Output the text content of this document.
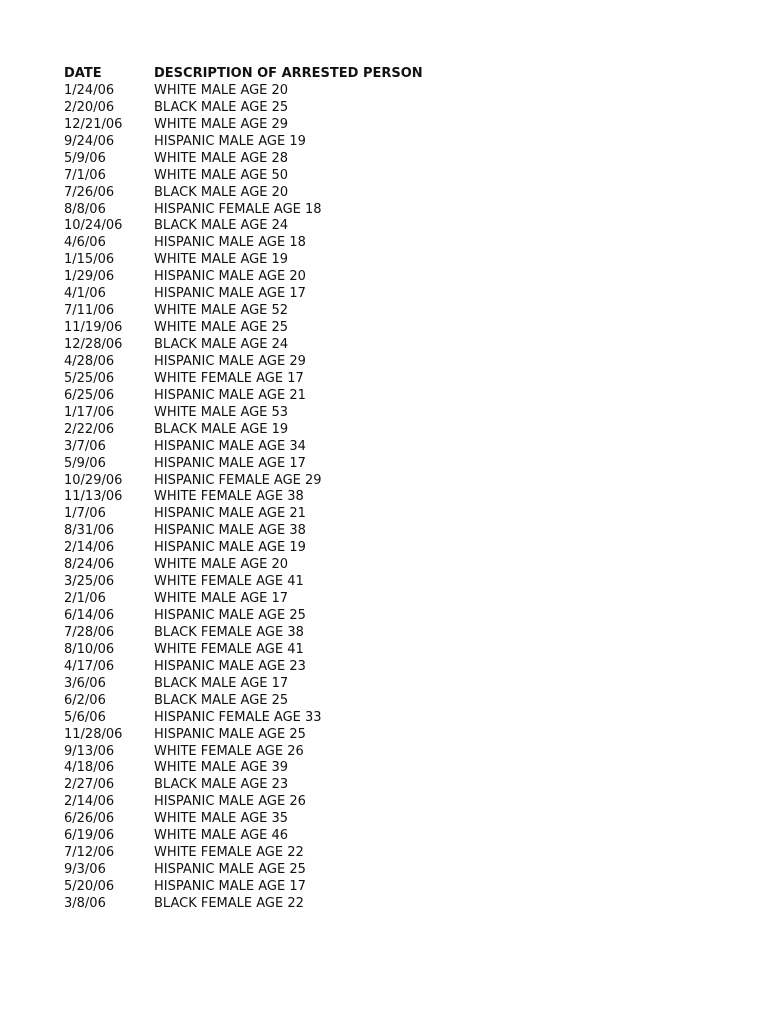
DATE	DESCRIPTION OF ARRESTED PERSON
1/24/06	WHITE MALE AGE 20
2/20/06	BLACK MALE AGE 25
12/21/06	WHITE MALE AGE 29
9/24/06	HISPANIC MALE AGE 19
5/9/06	WHITE MALE AGE 28
7/1/06	WHITE MALE AGE 50
7/26/06	BLACK MALE AGE 20
8/8/06	HISPANIC FEMALE AGE 18
10/24/06	BLACK MALE AGE 24
4/6/06	HISPANIC MALE AGE 18
1/15/06	WHITE MALE AGE 19
1/29/06	HISPANIC MALE AGE 20
4/1/06	HISPANIC MALE AGE 17
7/11/06	WHITE MALE AGE 52
11/19/06	WHITE MALE AGE 25
12/28/06	BLACK MALE AGE 24
4/28/06	HISPANIC MALE AGE 29
5/25/06	WHITE FEMALE AGE 17
6/25/06	HISPANIC MALE AGE 21
1/17/06	WHITE MALE AGE 53
2/22/06	BLACK MALE AGE 19
3/7/06	HISPANIC MALE AGE 34
5/9/06	HISPANIC MALE AGE 17
10/29/06	HISPANIC FEMALE AGE 29
11/13/06	WHITE FEMALE AGE 38
1/7/06	HISPANIC MALE AGE 21
8/31/06	HISPANIC MALE AGE 38
2/14/06	HISPANIC MALE AGE 19
8/24/06	WHITE MALE AGE 20
3/25/06	WHITE FEMALE AGE 41
2/1/06	WHITE MALE AGE 17
6/14/06	HISPANIC MALE AGE 25
7/28/06	BLACK FEMALE AGE 38
8/10/06	WHITE FEMALE AGE 41
4/17/06	HISPANIC MALE AGE 23
3/6/06	BLACK MALE AGE 17
6/2/06	BLACK MALE AGE 25
5/6/06	HISPANIC FEMALE AGE 33
11/28/06	HISPANIC MALE AGE 25
9/13/06	WHITE FEMALE AGE 26
4/18/06	WHITE MALE AGE 39
2/27/06	BLACK MALE AGE 23
2/14/06	HISPANIC MALE AGE 26
6/26/06	WHITE MALE AGE 35
6/19/06	WHITE MALE AGE 46
7/12/06	WHITE FEMALE AGE 22
9/3/06	HISPANIC MALE AGE 25
5/20/06	HISPANIC MALE AGE 17
3/8/06	BLACK FEMALE AGE 22
